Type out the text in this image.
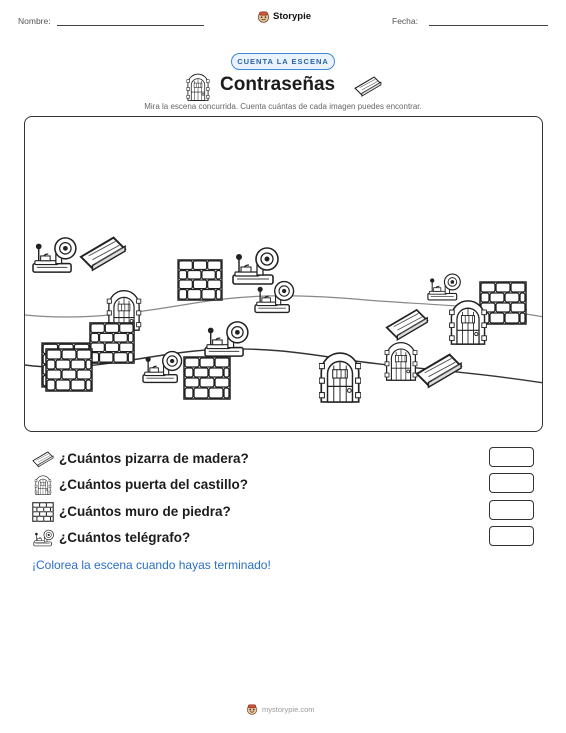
Nombre:	Storypie	Fecha:
CUENTA LA ESCENA
Contraseñas
Mira la escena concurrida. Cuenta cuántas de cada imagen puedes encontrar.
¿Cuántos pizarra de madera?
¿Cuántos puerta del castillo?
¿Cuántos muro de piedra?
¿Cuántos telégrafo?
¡Colorea la escena cuando hayas terminado!
mystorypie.com
